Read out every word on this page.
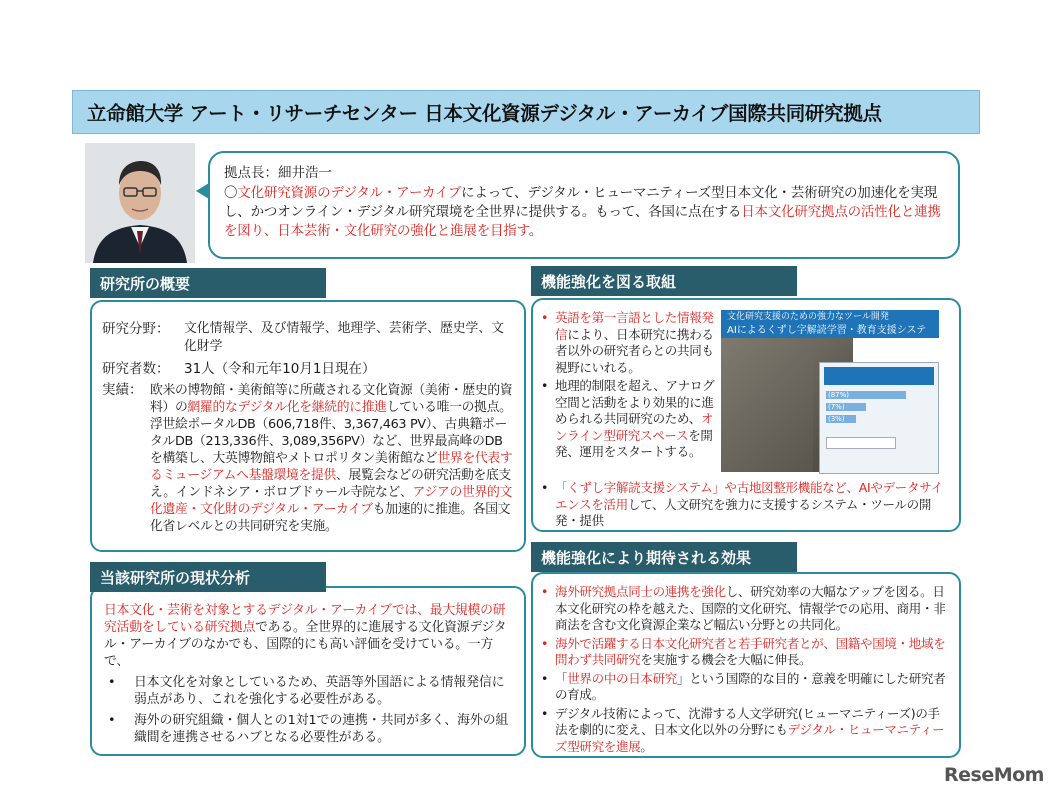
立命館大学 アート・リサーチセンター 日本文化資源デジタル・アーカイブ国際共同研究拠点
拠点長：細井浩一

〇文化研究資源のデジタル・アーカイブによって、デジタル・ヒューマニティーズ型日本文化・芸術研究の加速化を実現し、かつオンライン・デジタル研究環境を全世界に提供する。もって、各国に点在する日本文化研究拠点の活性化と連携を図り、日本芸術・文化研究の強化と進展を目指す。

研究所の概要
研究分野：	文化情報学、及び情報学、地理学、芸術学、歴史学、文化財学
研究者数：	31人（令和元年10月1日現在）
実績： 欧米の博物館・美術館等に所蔵される文化資源（美術・歴史的資料）の網羅的なデジタル化を継続的に推進している唯一の拠点。浮世絵ポータルDB（606,718件、3,367,463 PV）、古典籍ポータルDB（213,336件、3,089,356PV）など、世界最高峰のDBを構築し、大英博物館やメトロポリタン美術館など世界を代表するミュージアムへ基盤環境を提供、展覧会などの研究活動を底支え。インドネシア・ボロブドゥール寺院など、アジアの世界的文化遺産・文化財のデジタル・アーカイブも加速的に推進。各国文化省レベルとの共同研究を実施。
当該研究所の現状分析

日本文化・芸術を対象とするデジタル・アーカイブでは、最大規模の研究活動をしている研究拠点である。全世界的に進展する文化資源デジタル・アーカイブのなかでも、国際的にも高い評価を受けている。一方で、

•	日本文化を対象としているため、英語等外国語による情報発信に弱点があり、これを強化する必要性がある。
•	海外の研究組織・個人との1対1での連携・共同が多く、海外の組織間を連携させるハブとなる必要性がある。
機能強化を図る取組
• 英語を第一言語とした情報発信により、日本研究に携わる者以外の研究者らとの共同も視野にいれる。
• 地理的制限を超え、アナログ空間と活動をより効果的に進められる共同研究のため、オンライン型研究スペースを開発、運用をスタートする。
文化研究支援のための強力なツール開発
AIによるくずし字解読学習・教育支援システ
(87%)
(7%)
(3%)
• 「くずし字解読支援システム」や古地図整形機能など、AIやデータサイエンスを活用して、人文研究を強力に支援するシステム・ツールの開発・提供
機能強化により期待される効果
• 海外研究拠点同士の連携を強化し、研究効率の大幅なアップを図る。日本文化研究の枠を越えた、国際的文化研究、情報学での応用、商用・非商法を含む文化資源企業など幅広い分野との共同化。
• 海外で活躍する日本文化研究者と若手研究者とが、国籍や国境・地域を問わず共同研究を実施する機会を大幅に伸長。
• 「世界の中の日本研究」という国際的な目的・意義を明確にした研究者の育成。
• デジタル技術によって、沈滞する人文学研究(ヒューマニティーズ)の手法を劇的に変え、日本文化以外の分野にもデジタル・ヒューマニティーズ型研究を進展。
ReseMom
